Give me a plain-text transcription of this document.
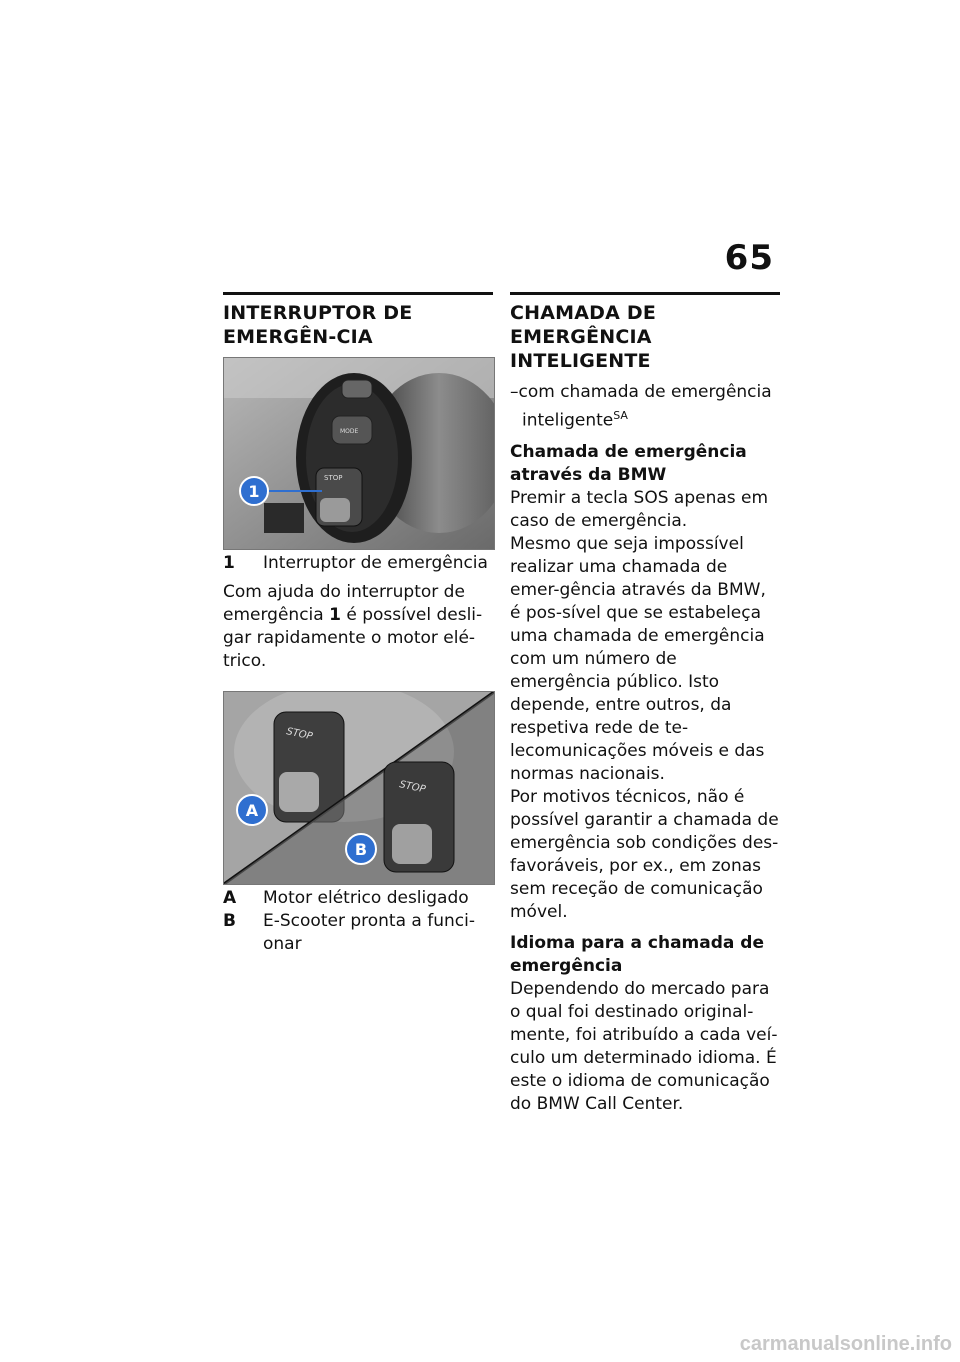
65
INTERRUPTOR DE EMERGÊN-CIA
STOP
MODE
1
1	Interruptor de emergência

Com ajuda do interruptor de emergência 1 é possível desli-gar rapidamente o motor elé-trico.

STOP
STOP
A
B
A	Motor elétrico desligado
B	E-Scooter pronta a funci-onar
CHAMADA DE EMERGÊNCIA INTELIGENTE
–com chamada de emergência inteligente$^{SA}$
Chamada de emergência através da BMW

Premir a tecla SOS apenas em caso de emergência.

Mesmo que seja impossível realizar uma chamada de emer-gência através da BMW, é pos-sível que se estabeleça uma chamada de emergência com um número de emergência público. Isto depende, entre outros, da respetiva rede de te-lecomunicações móveis e das normas nacionais.

Por motivos técnicos, não é possível garantir a chamada de emergência sob condições des-favoráveis, por ex., em zonas sem receção de comunicação móvel.

Idioma para a chamada de emergência

Dependendo do mercado para o qual foi destinado original-mente, foi atribuído a cada veí-culo um determinado idioma. É este o idioma de comunicação do BMW Call Center.

carmanualsonline.info
